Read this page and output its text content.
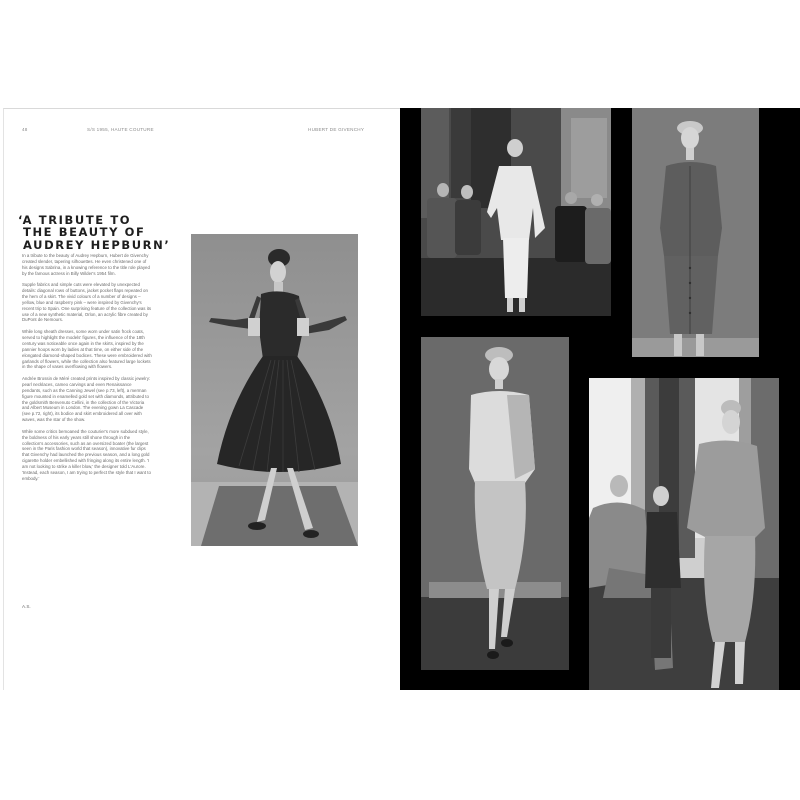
48	S/S 1955, HAUTE COUTURE	HUBERT DE GIVENCHY
‘A TRIBUTE TO
THE BEAUTY OF
AUDREY HEPBURN’

In a tribute to the beauty of Audrey Hepburn, Hubert de Givenchy created slender, tapering silhouettes. He even christened one of his designs Sabrina, in a knowing reference to the title role played by the famous actress in Billy Wilder's 1954 film.

Supple fabrics and simple cuts were elevated by unexpected details: diagonal rows of buttons, jacket pocket flaps repeated on the hem of a skirt. The vivid colours of a number of designs – yellow, blue and raspberry pink – were inspired by Givenchy's recent trip to Spain. One surprising feature of the collection was its use of a new synthetic material, Orlon, an acrylic fibre created by DuPont de Nemours.

While long sheath dresses, some worn under satin frock coats, served to highlight the models' figures, the influence of the 18th century was noticeable once again in the skirts, inspired by the pannier hoops worn by ladies at that time, on either side of the elongated diamond-shaped bodices. These were embroidered with garlands of flowers, while the collection also featured large lockets in the shape of vases overflowing with flowers.

Andrée Brossin de Méré created prints inspired by classic jewelry: pearl necklaces, cameo carvings and even Renaissance pendants, such as the Canning Jewel (see p.73, left), a merman figure mounted in enamelled gold set with diamonds, attributed to the goldsmith Benvenuto Cellini, in the collection of the Victoria and Albert Museum in London. The evening gown La Cascade (see p.72, right), its bodice and skirt embroidered all over with waves, was the star of the show.

While some critics bemoaned the couturier's more subdued style, the boldness of his early years still shone through in the collection's accessories, such as an oversized boater (the largest seen in the Paris fashion world that season), innovative fur clips that Givenchy had launched the previous season, and a long gold cigarette holder embellished with fringing along its entire length. 'I am not looking to strike a killer blow,' the designer told L'Aurore. 'Instead, each season, I am trying to perfect the style that I want to embody.'

A.S.
